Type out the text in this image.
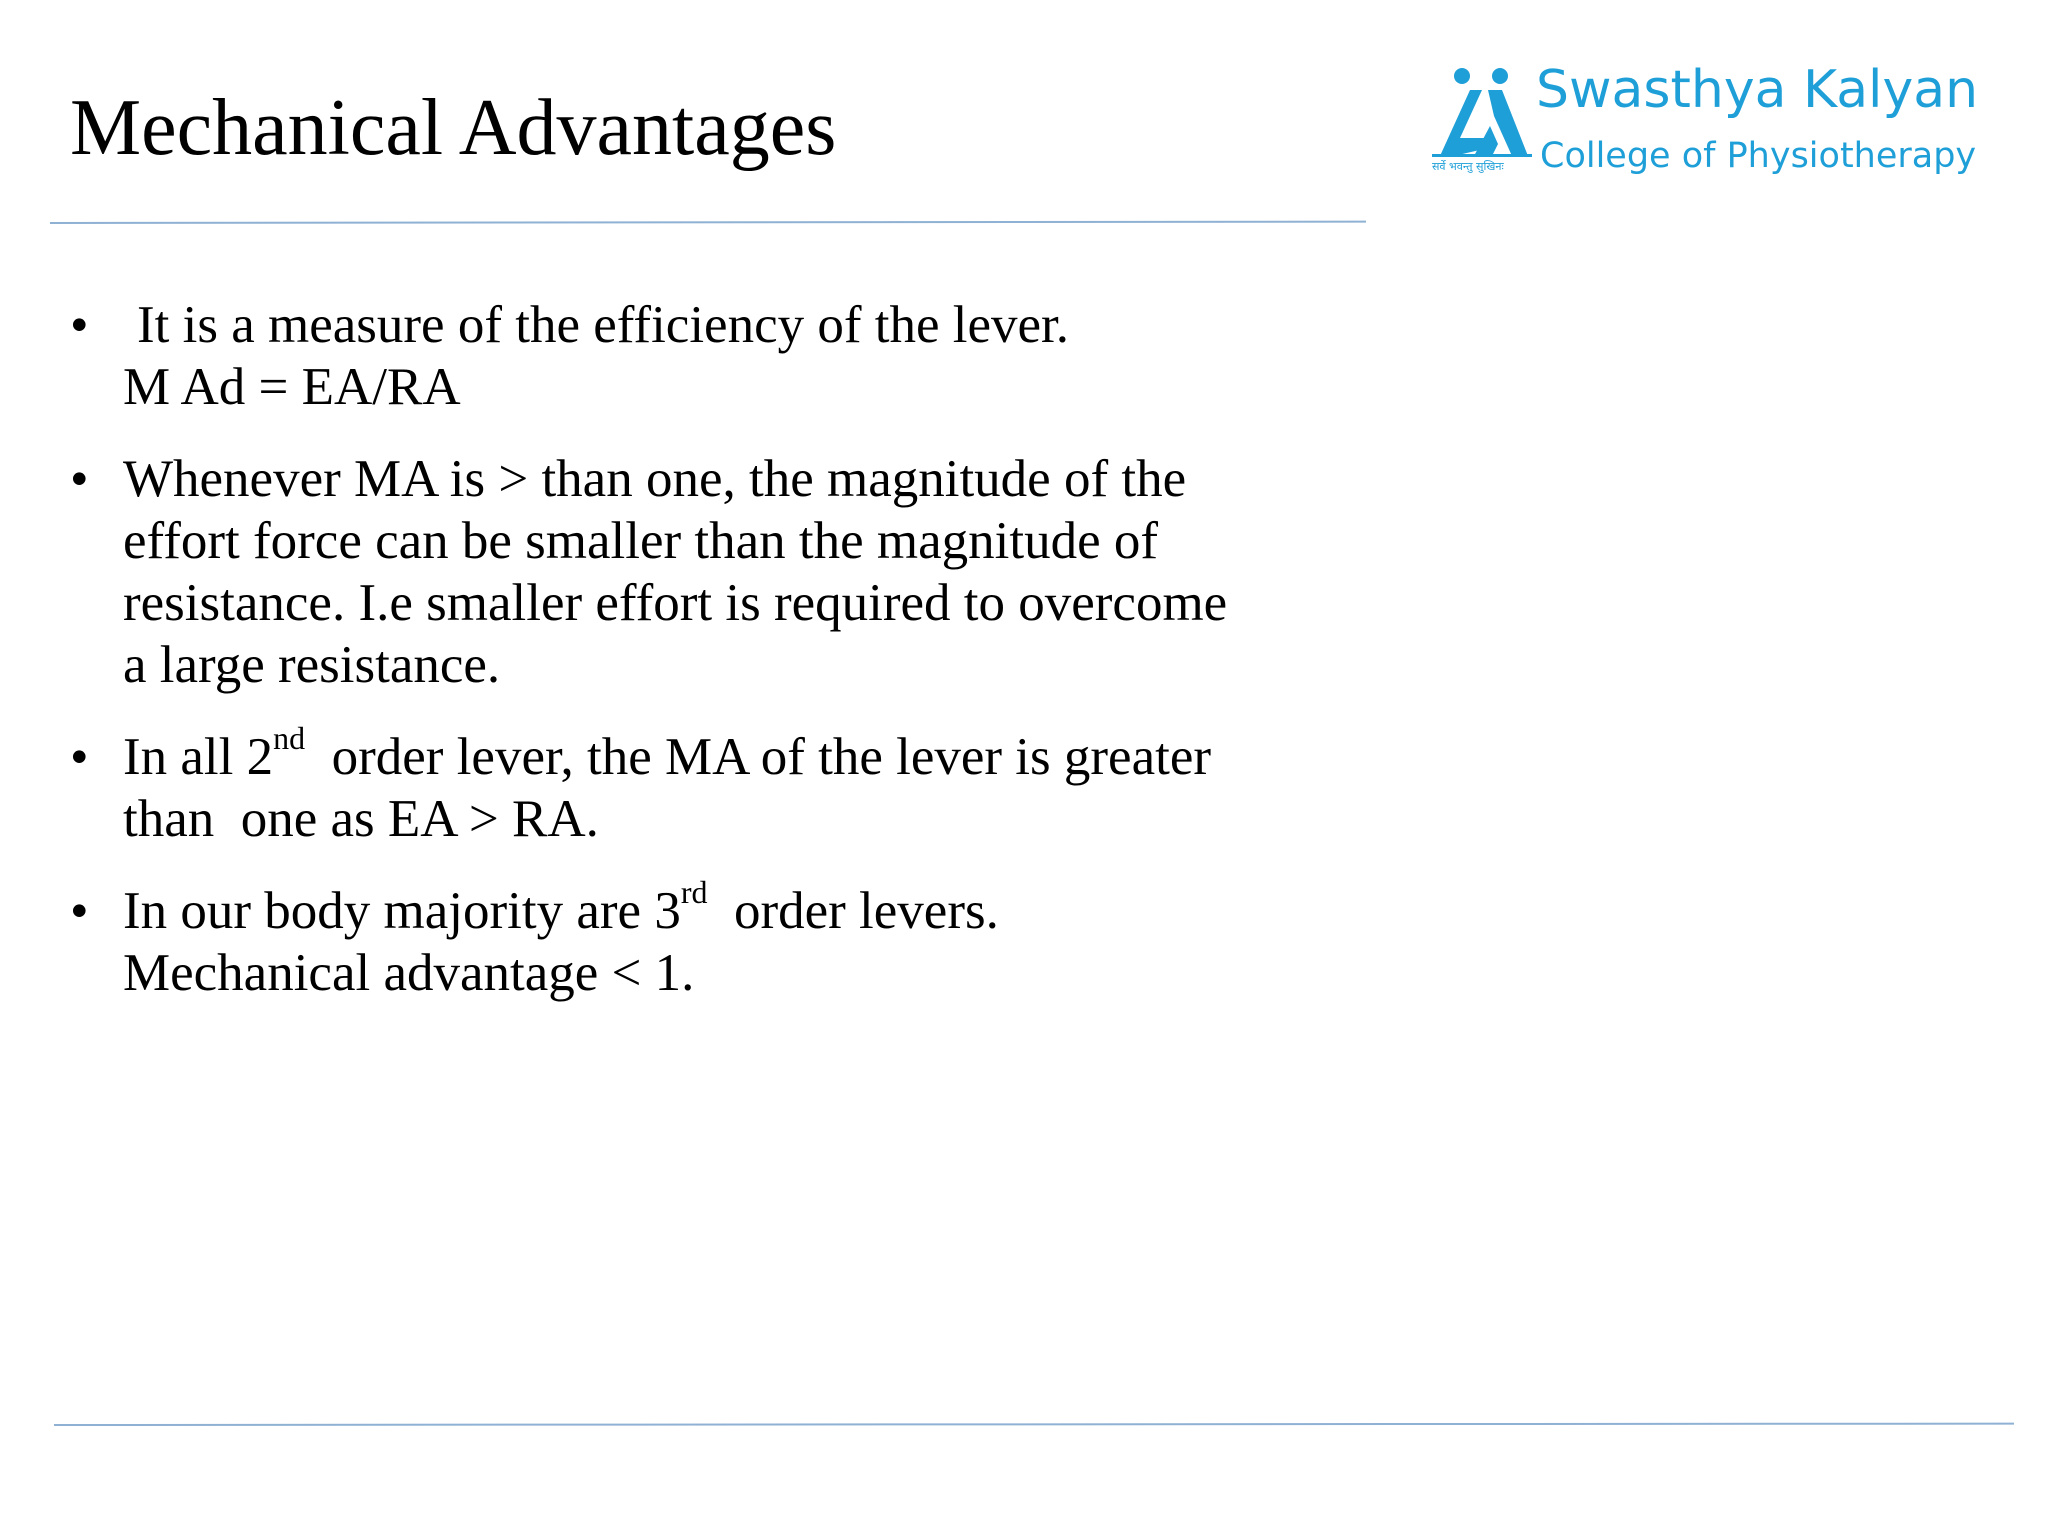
Mechanical Advantages	सर्वे भवन्तु सुखिनः
Swasthya Kalyan
College of Physiotherapy
• It is a measure of the efficiency of the lever.
M Ad = EA/RA
• Whenever MA is > than one, the magnitude of the
effort force can be smaller than the magnitude of
resistance. I.e smaller effort is required to overcome
a large resistance.
• In all 2nd  order lever, the MA of the lever is greater
than  one as EA > RA.
• In our body majority are 3rd  order levers.
Mechanical advantage < 1.
